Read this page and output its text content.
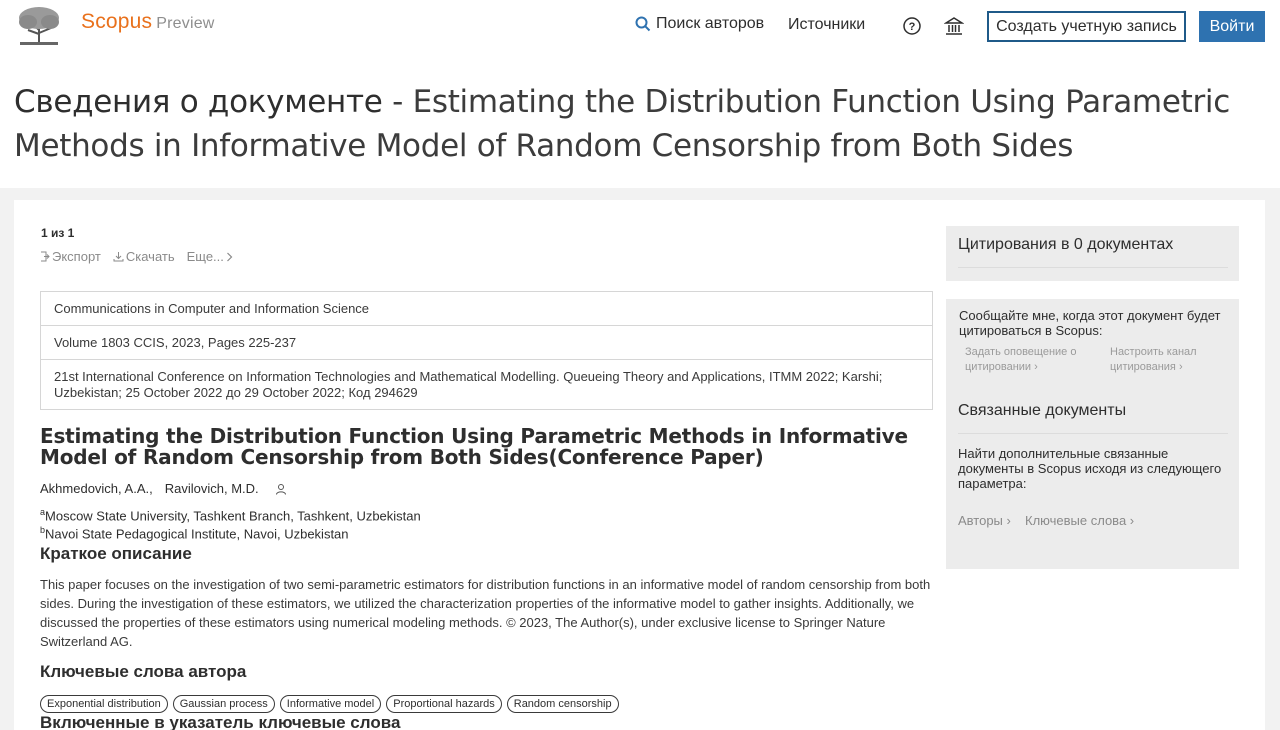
Scopus Preview	Поиск авторов Источники	?	Создать учетную запись	Войти
Сведения о документе - Estimating the Distribution Function Using Parametric Methods in Informative Model of Random Censorship from Both Sides
1 из 1
Экспорт Скачать Еще...
Communications in Computer and Information Science
Volume 1803 CCIS, 2023, Pages 225-237
21st International Conference on Information Technologies and Mathematical Modelling. Queueing Theory and Applications, ITMM 2022; Karshi; Uzbekistan; 25 October 2022 до 29 October 2022; Код 294629
Estimating the Distribution Function Using Parametric Methods in Informative Model of Random Censorship from Both Sides(Conference Paper)
Akhmedovich, A.A., Ravilovich, M.D.
$^a$Moscow State University, Tashkent Branch, Tashkent, Uzbekistan
$^b$Navoi State Pedagogical Institute, Navoi, Uzbekistan
Краткое описание

This paper focuses on the investigation of two semi-parametric estimators for distribution functions in an informative model of random censorship from both sides. During the investigation of these estimators, we utilized the characterization properties of the informative model to gather insights. Additionally, we discussed the properties of these estimators using numerical modeling methods. © 2023, The Author(s), under exclusive license to Springer Nature Switzerland AG.

Ключевые слова автора
Exponential distribution	Gaussian process	Informative model	Proportional hazards	Random censorship
Включенные в указатель ключевые слова
Цитирования в 0 документах
Сообщайте мне, когда этот документ будет цитироваться в Scopus:
Задать оповещение о цитировании ›
Настроить канал цитирования ›
Связанные документы
Найти дополнительные связанные документы в Scopus исходя из следующего параметра:
Авторы › Ключевые слова ›
